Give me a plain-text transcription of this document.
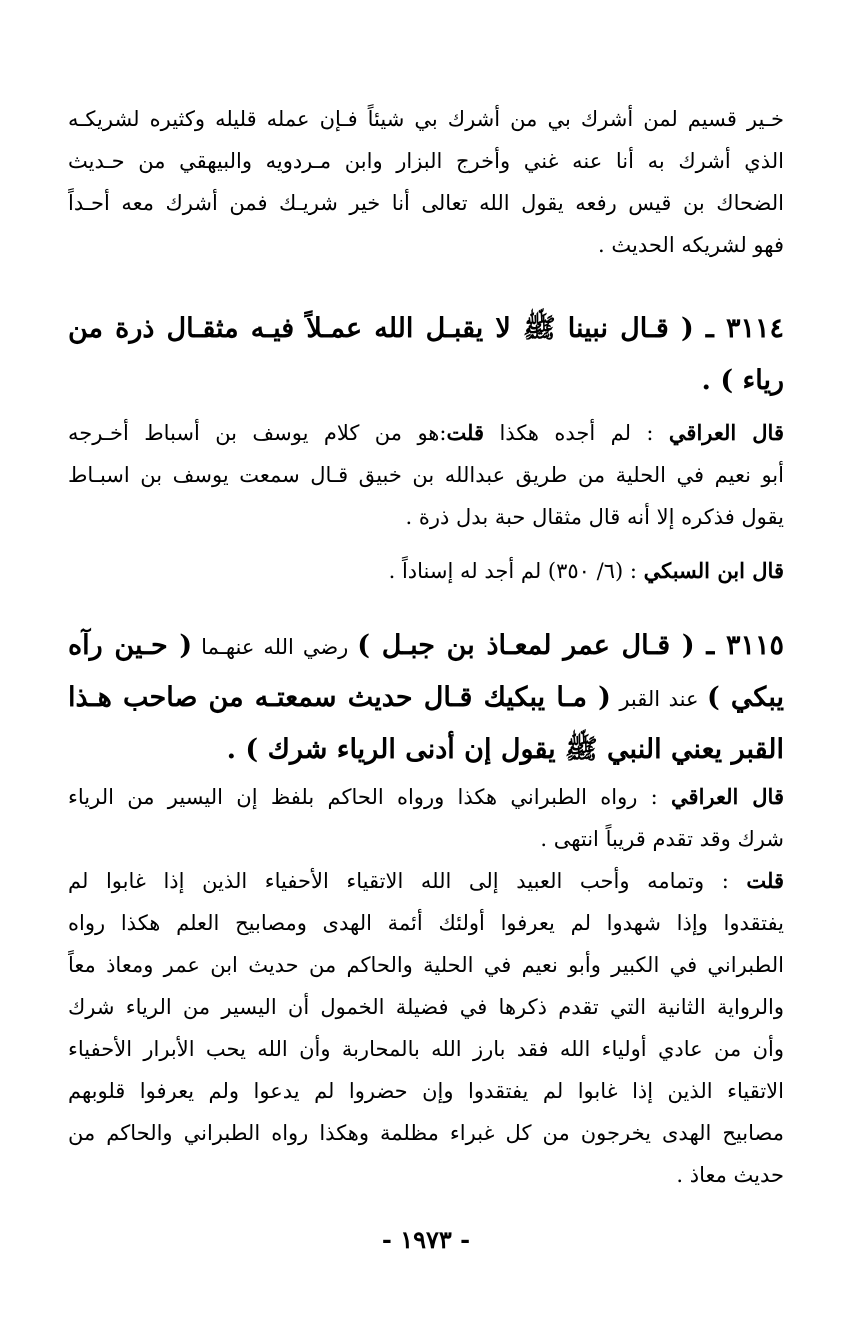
خـير قسيم لمن أشرك بي من أشرك بي شيئاً فـإن عمله قليله وكثيره لشريكـه
الذي أشرك به أنا عنه غني وأخرج البزار وابن مـردويه والبيهقي من حـديث
الضحاك بن قيس رفعه يقول الله تعالى أنا خير شريـك فمن أشرك معه أحـداً
فهو لشريكه الحديث .
٣١١٤ ـ ( قـال نبينا ﷺ لا يقبـل الله عمـلاً فيـه مثقـال ذرة من
رياء ) .
قال العراقي : لم أجده هكذا قلت:هو من كلام يوسف بن أسباط أخـرجه
أبو نعيم في الحلية من طريق عبدالله بن خبيق قـال سمعت يوسف بن اسبـاط
يقول فذكره إلا أنه قال مثقال حبة بدل ذرة .
قال ابن السبكي : (٦/ ٣٥٠) لم أجد له إسناداً .
٣١١٥ ـ ( قـال عمر لمعـاذ بن جبـل ) رضي الله عنهـما ( حـين رآه
يبكي ) عند القبر ( مـا يبكيك قـال حديث سمعتـه من صاحب هـذا
القبر يعني النبي ﷺ يقول إن أدنى الرياء شرك ) .
قال العراقي : رواه الطبراني هكذا ورواه الحاكم بلفظ إن اليسير من الرياء
شرك وقد تقدم قريباً انتهى .
قلت : وتمامه وأحب العبيد إلى الله الاتقياء الأحفياء الذين إذا غابوا لم
يفتقدوا وإذا شهدوا لم يعرفوا أولئك أئمة الهدى ومصابيح العلم هكذا رواه
الطبراني في الكبير وأبو نعيم في الحلية والحاكم من حديث ابن عمر ومعاذ معاً
والرواية الثانية التي تقدم ذكرها في فضيلة الخمول أن اليسير من الرياء شرك
وأن من عادي أولياء الله فقد بارز الله بالمحاربة وأن الله يحب الأبرار الأحفياء
الاتقياء الذين إذا غابوا لم يفتقدوا وإن حضروا لم يدعوا ولم يعرفوا قلوبهم
مصابيح الهدى يخرجون من كل غبراء مظلمة وهكذا رواه الطبراني والحاكم من
حديث معاذ .
- ١٩٧٣ -
